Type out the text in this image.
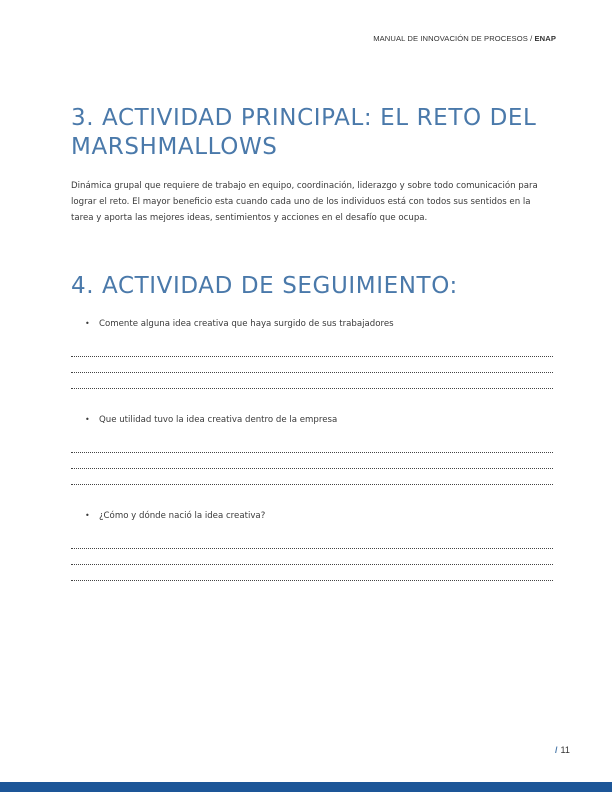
MANUAL DE INNOVACIÓN DE PROCESOS / ENAP
3. ACTIVIDAD PRINCIPAL: EL RETO DEL MARSHMALLOWS

Dinámica grupal que requiere de trabajo en equipo, coordinación, liderazgo y sobre todo comunicación para lograr el reto. El mayor beneficio esta cuando cada uno de los individuos está con todos sus sentidos en la tarea y aporta las mejores ideas, sentimientos y acciones en el desafío que ocupa.

4. ACTIVIDAD DE SEGUIMIENTO:
• Comente alguna idea creativa que haya surgido de sus trabajadores
• Que utilidad tuvo la idea creativa dentro de la empresa
• ¿Cómo y dónde nació la idea creativa?
/ 11
